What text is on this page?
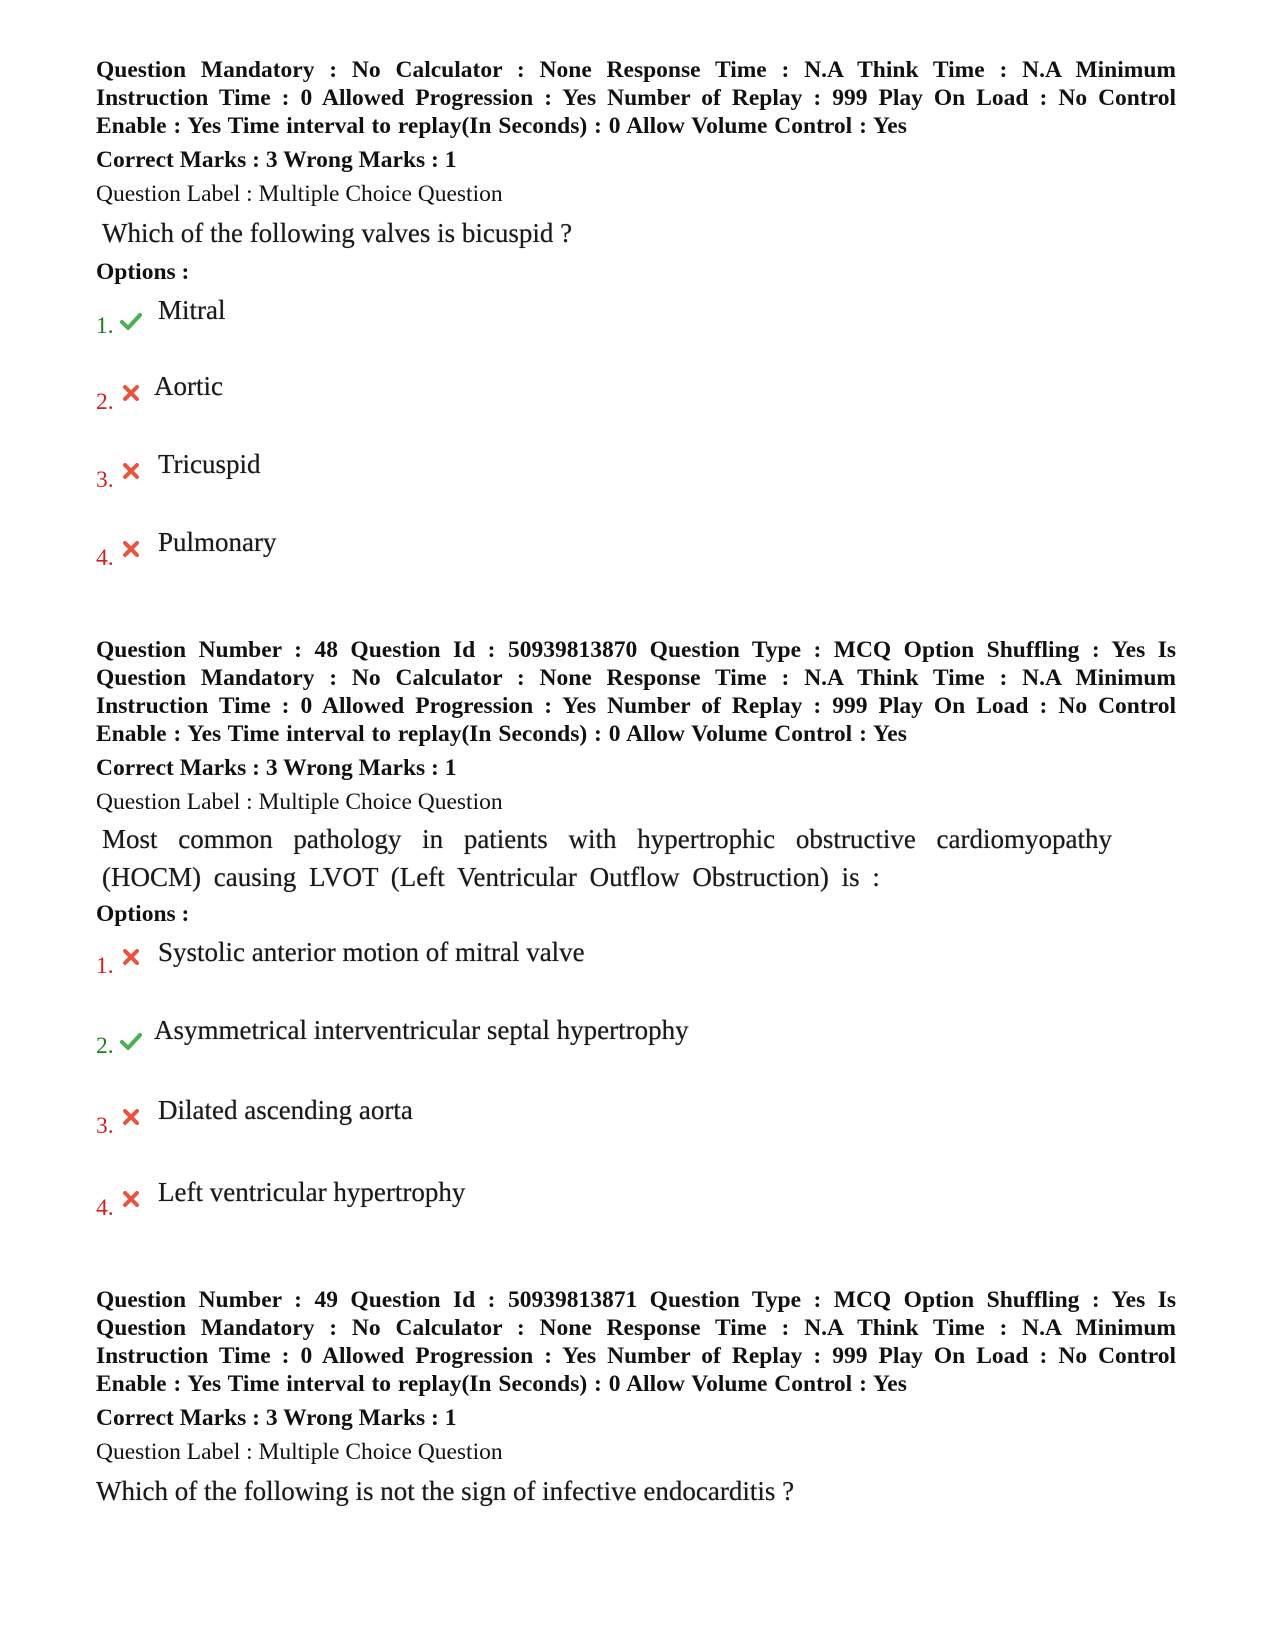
Question Mandatory : No Calculator : None Response Time : N.A Think Time : N.A Minimum Instruction Time : 0 Allowed Progression : Yes Number of Replay : 999 Play On Load : No Control Enable : Yes Time interval to replay(In Seconds) : 0 Allow Volume Control : Yes
Correct Marks : 3 Wrong Marks : 1
Question Label : Multiple Choice Question
Which of the following valves is bicuspid ?
Options :
1.
Mitral
2.
Aortic
3.
Tricuspid
4.
Pulmonary
Question Number : 48 Question Id : 50939813870 Question Type : MCQ Option Shuffling : Yes Is Question Mandatory : No Calculator : None Response Time : N.A Think Time : N.A Minimum Instruction Time : 0 Allowed Progression : Yes Number of Replay : 999 Play On Load : No Control Enable : Yes Time interval to replay(In Seconds) : 0 Allow Volume Control : Yes
Correct Marks : 3 Wrong Marks : 1
Question Label : Multiple Choice Question
Most common pathology in patients with hypertrophic obstructive cardiomyopathy (HOCM) causing LVOT (Left Ventricular Outflow Obstruction) is :
Options :
1. Systolic anterior motion of mitral valve
2.
Asymmetrical interventricular septal hypertrophy
3.
Dilated ascending aorta
4.
Left ventricular hypertrophy
Question Number : 49 Question Id : 50939813871 Question Type : MCQ Option Shuffling : Yes Is Question Mandatory : No Calculator : None Response Time : N.A Think Time : N.A Minimum Instruction Time : 0 Allowed Progression : Yes Number of Replay : 999 Play On Load : No Control Enable : Yes Time interval to replay(In Seconds) : 0 Allow Volume Control : Yes
Correct Marks : 3 Wrong Marks : 1
Question Label : Multiple Choice Question
Which of the following is not the sign of infective endocarditis ?
